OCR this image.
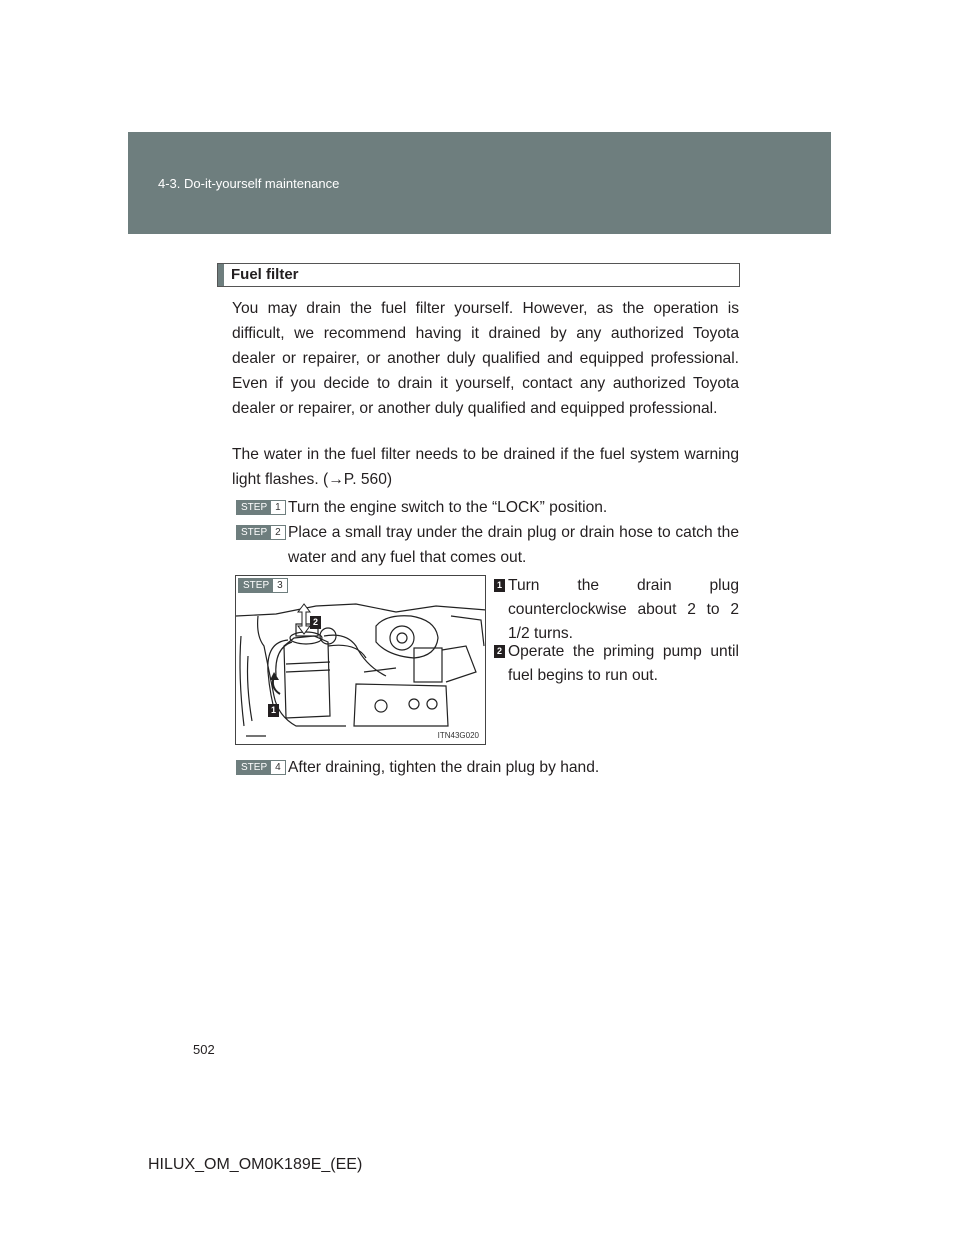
4-3. Do-it-yourself maintenance
Fuel filter

You may drain the fuel filter yourself. However, as the operation is difficult, we recommend having it drained by any authorized Toyota dealer or repairer, or another duly qualified and equipped professional. Even if you decide to drain it yourself, contact any authorized Toyota dealer or repairer, or another duly qualified and equipped professional.

The water in the fuel filter needs to be drained if the fuel system warning light flashes. (→P. 560)

STEP 1 Turn the engine switch to the “LOCK” position.
STEP 2 Place a small tray under the drain plug or drain hose to catch the water and any fuel that comes out.
STEP 3
2
1
ITN43G020
1 Turn the drain plug counterclockwise about 2 to 2 1/2 turns.
2 Operate the priming pump until fuel begins to run out.
STEP 4 After draining, tighten the drain plug by hand.
502
HILUX_OM_OM0K189E_(EE)
